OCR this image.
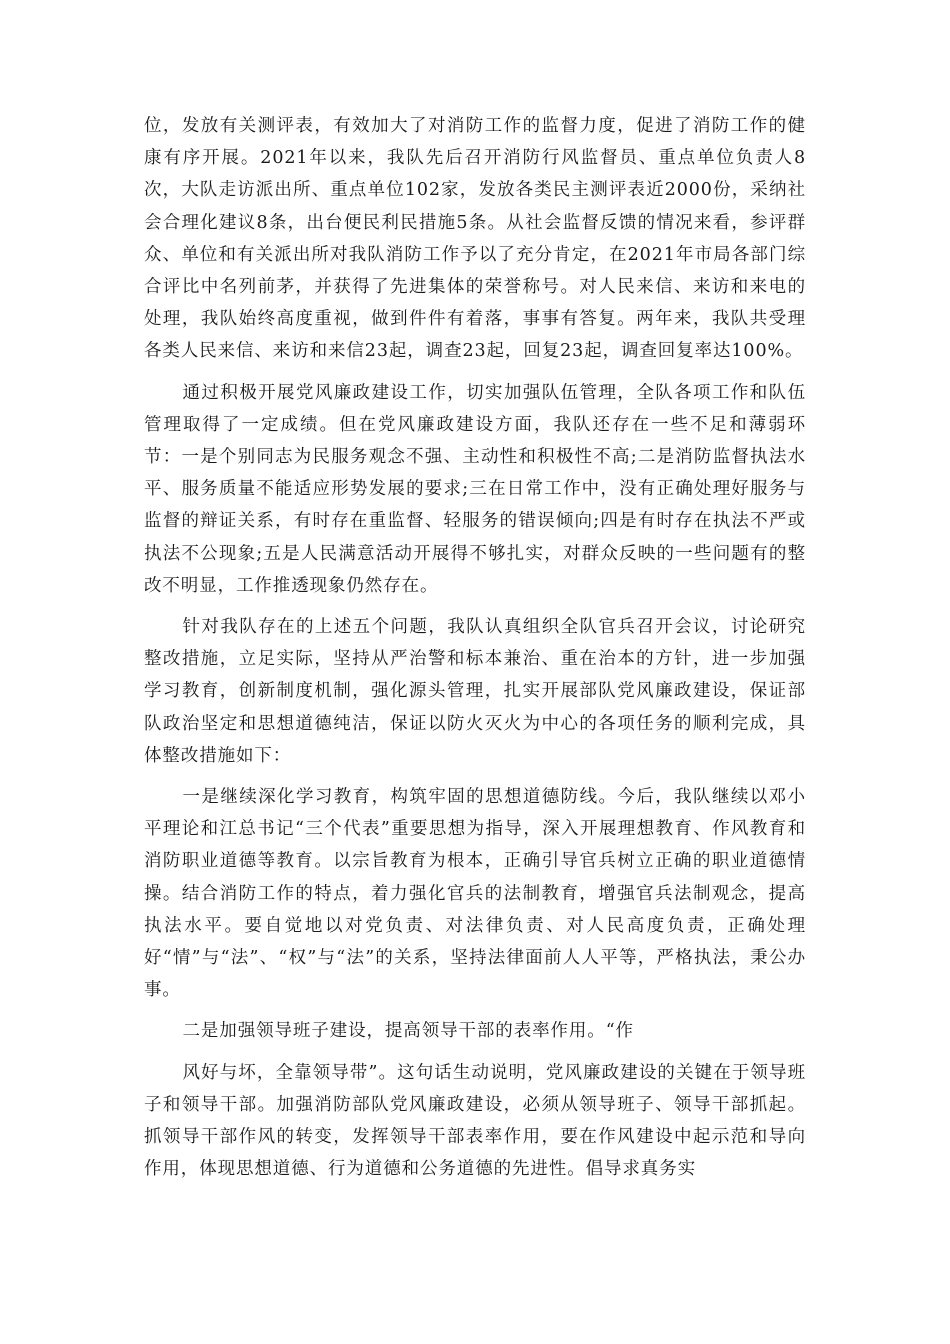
位，发放有关测评表，有效加大了对消防工作的监督力度，促进了消防工作的健康有序开展。2021年以来，我队先后召开消防行风监督员、重点单位负责人8次，大队走访派出所、重点单位102家，发放各类民主测评表近2000份，采纳社会合理化建议8条，出台便民利民措施5条。从社会监督反馈的情况来看，参评群众、单位和有关派出所对我队消防工作予以了充分肯定，在2021年市局各部门综合评比中名列前茅，并获得了先进集体的荣誉称号。对人民来信、来访和来电的处理，我队始终高度重视，做到件件有着落，事事有答复。两年来，我队共受理各类人民来信、来访和来信23起，调查23起，回复23起，调查回复率达100%。

通过积极开展党风廉政建设工作，切实加强队伍管理，全队各项工作和队伍管理取得了一定成绩。但在党风廉政建设方面，我队还存在一些不足和薄弱环节：一是个别同志为民服务观念不强、主动性和积极性不高;二是消防监督执法水平、服务质量不能适应形势发展的要求;三在日常工作中，没有正确处理好服务与监督的辩证关系，有时存在重监督、轻服务的错误倾向;四是有时存在执法不严或执法不公现象;五是人民满意活动开展得不够扎实，对群众反映的一些问题有的整改不明显，工作推透现象仍然存在。

针对我队存在的上述五个问题，我队认真组织全队官兵召开会议，讨论研究整改措施，立足实际，坚持从严治警和标本兼治、重在治本的方针，进一步加强学习教育，创新制度机制，强化源头管理，扎实开展部队党风廉政建设，保证部队政治坚定和思想道德纯洁，保证以防火灭火为中心的各项任务的顺利完成，具体整改措施如下：

一是继续深化学习教育，构筑牢固的思想道德防线。今后，我队继续以邓小平理论和江总书记“三个代表”重要思想为指导，深入开展理想教育、作风教育和消防职业道德等教育。以宗旨教育为根本，正确引导官兵树立正确的职业道德情操。结合消防工作的特点，着力强化官兵的法制教育，增强官兵法制观念，提高执法水平。要自觉地以对党负责、对法律负责、对人民高度负责，正确处理好“情”与“法”、“权”与“法”的关系，坚持法律面前人人平等，严格执法，秉公办事。

二是加强领导班子建设，提高领导干部的表率作用。“作

风好与坏，全靠领导带”。这句话生动说明，党风廉政建设的关键在于领导班子和领导干部。加强消防部队党风廉政建设，必须从领导班子、领导干部抓起。抓领导干部作风的转变，发挥领导干部表率作用，要在作风建设中起示范和导向作用，体现思想道德、行为道德和公务道德的先进性。倡导求真务实
